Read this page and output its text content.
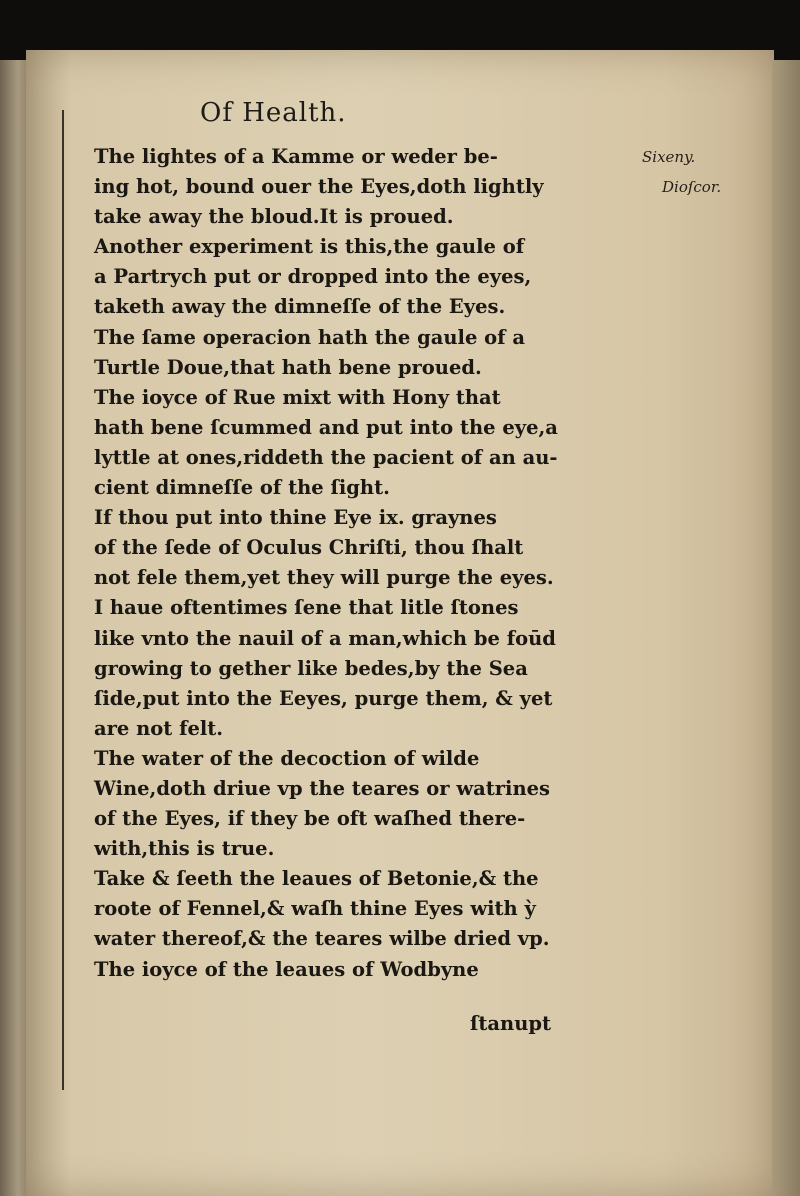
Of Health.
Sixeny.
Dioſcor.
The lightes of a Kamme or weder be-
ing hot, bound ouer the Eyes,doth lightly
take away the bloud.It is proued.
Another experiment is this,the gaule of
a Partrych put or dropped into the eyes,
taketh away the dimneſſe of the Eyes.
The ſame operacion hath the gaule of a
Turtle Doue,that hath bene proued.
The ioyce of Rue mixt with Hony that
hath bene ſcummed and put into the eye,a
lyttle at ones,riddeth the pacient of an au-
cient dimneſſe of the ſight.
If thou put into thine Eye ix. graynes
of the ſede of Oculus Chriſti, thou ſhalt
not fele them,yet they will purge the eyes.
I haue oftentimes ſene that litle ſtones
like vnto the nauil of a man,which be foūd
growing to gether like bedes,by the Sea
ſide,put into the Eeyes, purge them, & yet
are not felt.
The water of the decoction of wilde
Wine,doth driue vp the teares or watrines
of the Eyes, if they be oft waſhed there-
with,this is true.
Take & ſeeth the leaues of Betonie,& the
roote of Fennel,& waſh thine Eyes with ỳ
water thereof,& the teares wilbe dried vp.
The ioyce of the leaues of Wodbyne
ſtanupt
